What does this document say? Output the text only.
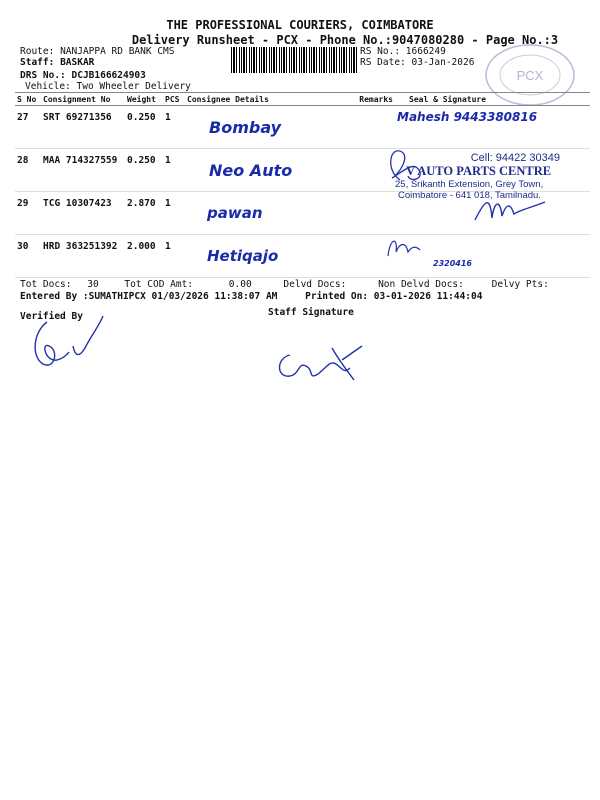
THE PROFESSIONAL COURIERS, COIMBATORE
Delivery Runsheet - PCX - Phone No.:9047080280 - Page No.:3
Route: NANJAPPA RD BANK CMS
Staff: BASKAR
DRS No.: DCJB166624903
Vehicle: Two Wheeler Delivery
RS No.: 1666249
RS Date: 03-Jan-2026
PCX
S No	Consignment No	Weight	PCS	Consignee Details	Remarks	Seal & Signature
27	SRT 69271356	0.250	1	Bombay		Mahesh 9443380816
28	MAA 714327559	0.250	1	Neo Auto		
29	TCG 10307423	2.870	1	pawan		
30	HRD 363251392	2.000	1	Hetiqajo		2320416
Cell: 94422 30349
V AUTO PARTS CENTRE
25, Srikanth Extension, Grey Town,
Coimbatore - 641 018, Tamilnadu.
Tot Docs: 30	Tot COD Amt:	0.00	Delvd Docs:	Non Delvd Docs:	Delvy Pts:
Entered By :SUMATHIPCX 01/03/2026 11:38:07 AM	Printed On: 03-01-2026 11:44:04
Verified By	Staff Signature
